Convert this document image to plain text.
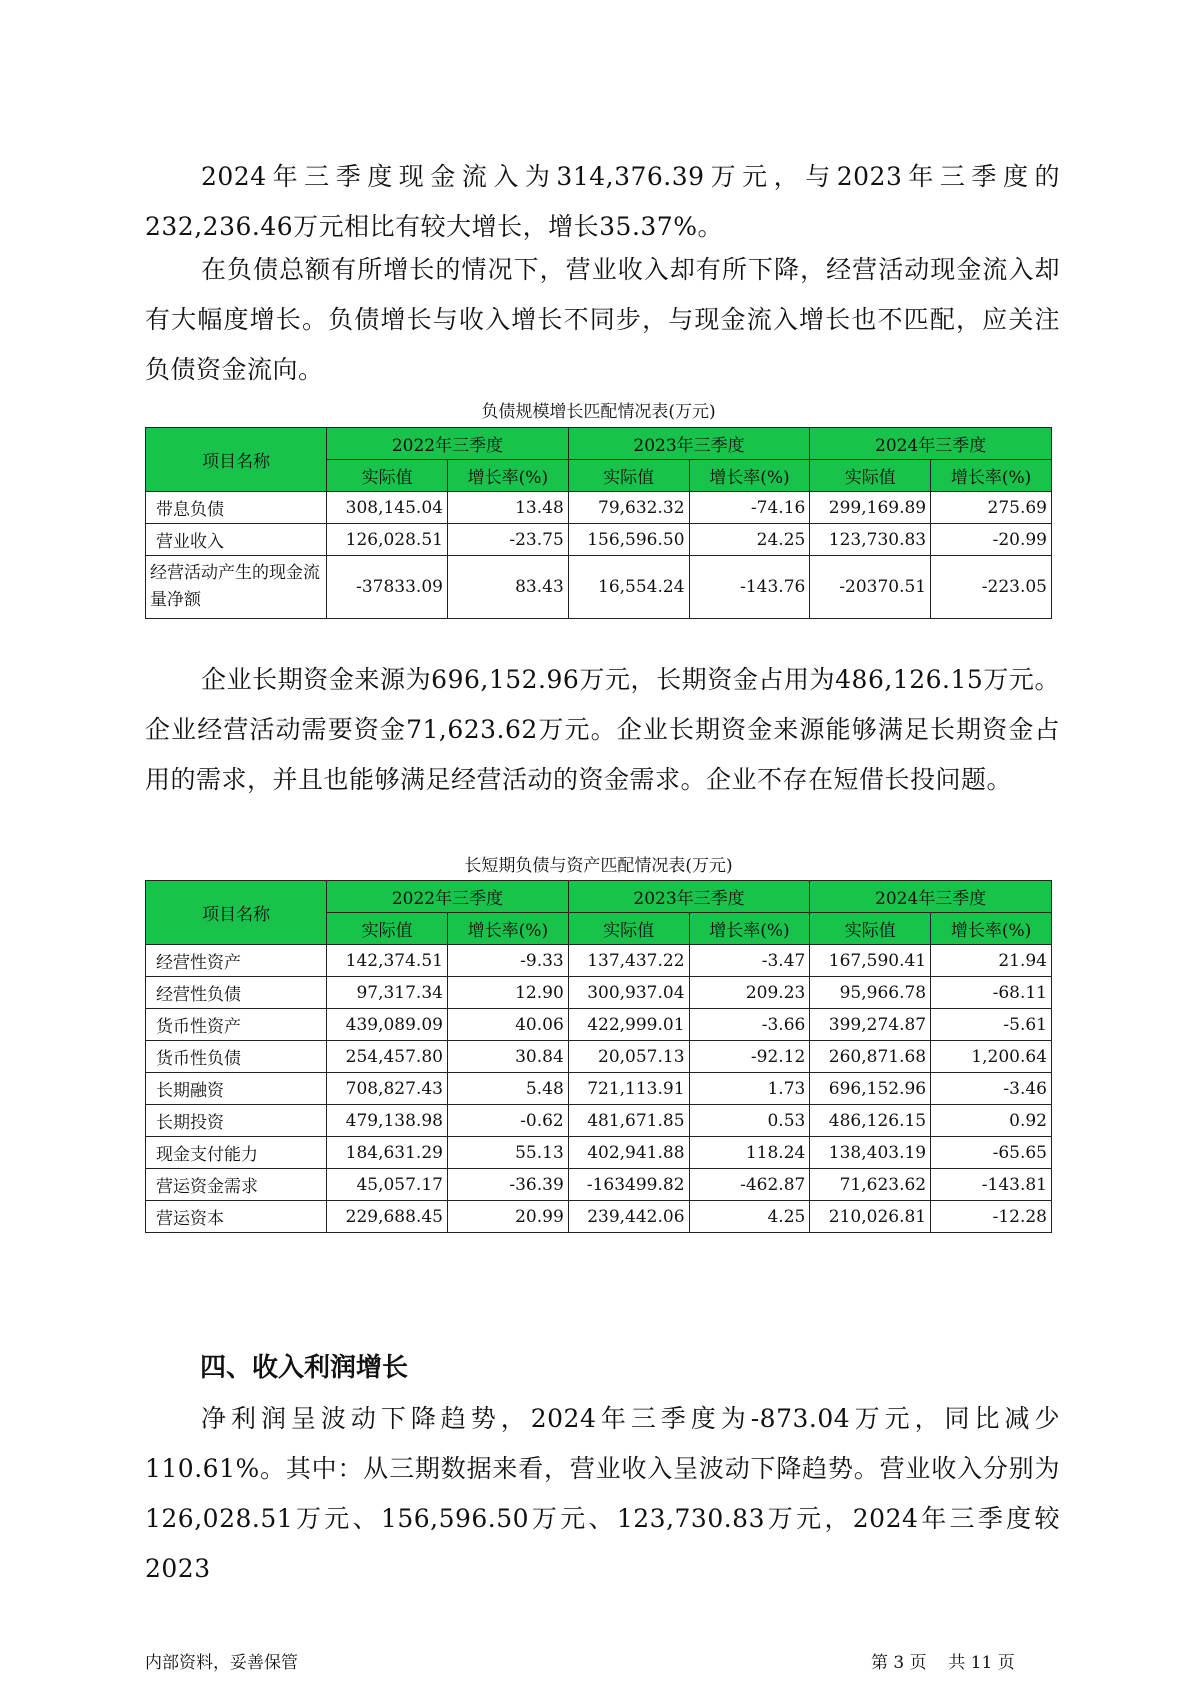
2024年三季度现金流入为314,376.39万元，与2023年三季度的232,236.46万元相比有较大增长，增长35.37%。

在负债总额有所增长的情况下，营业收入却有所下降，经营活动现金流入却有大幅度增长。负债增长与收入增长不同步，与现金流入增长也不匹配，应关注负债资金流向。

负债规模增长匹配情况表(万元)
项目名称	2022年三季度		2023年三季度		2024年三季度	
	实际值	增长率(%)	实际值	增长率(%)	实际值	增长率(%)
带息负债	308,145.04	13.48	79,632.32	-74.16	299,169.89	275.69
营业收入	126,028.51	-23.75	156,596.50	24.25	123,730.83	-20.99
经营活动产生的现金流量净额	-37833.09	83.43	16,554.24	-143.76	-20370.51	-223.05

企业长期资金来源为696,152.96万元，长期资金占用为486,126.15万元。企业经营活动需要资金71,623.62万元。企业长期资金来源能够满足长期资金占用的需求，并且也能够满足经营活动的资金需求。企业不存在短借长投问题。

长短期负债与资产匹配情况表(万元)
项目名称	2022年三季度		2023年三季度		2024年三季度	
	实际值	增长率(%)	实际值	增长率(%)	实际值	增长率(%)
经营性资产	142,374.51	-9.33	137,437.22	-3.47	167,590.41	21.94
经营性负债	97,317.34	12.90	300,937.04	209.23	95,966.78	-68.11
货币性资产	439,089.09	40.06	422,999.01	-3.66	399,274.87	-5.61
货币性负债	254,457.80	30.84	20,057.13	-92.12	260,871.68	1,200.64
长期融资	708,827.43	5.48	721,113.91	1.73	696,152.96	-3.46
长期投资	479,138.98	-0.62	481,671.85	0.53	486,126.15	0.92
现金支付能力	184,631.29	55.13	402,941.88	118.24	138,403.19	-65.65
营运资金需求	45,057.17	-36.39	-163499.82	-462.87	71,623.62	-143.81
营运资本	229,688.45	20.99	239,442.06	4.25	210,026.81	-12.28
四、收入利润增长

净利润呈波动下降趋势，2024年三季度为-873.04万元，同比减少110.61%。其中：从三期数据来看，营业收入呈波动下降趋势。营业收入分别为126,028.51万元、156,596.50万元、123,730.83万元，2024年三季度较2023

内部资料，妥善保管	第 3 页 共 11 页
